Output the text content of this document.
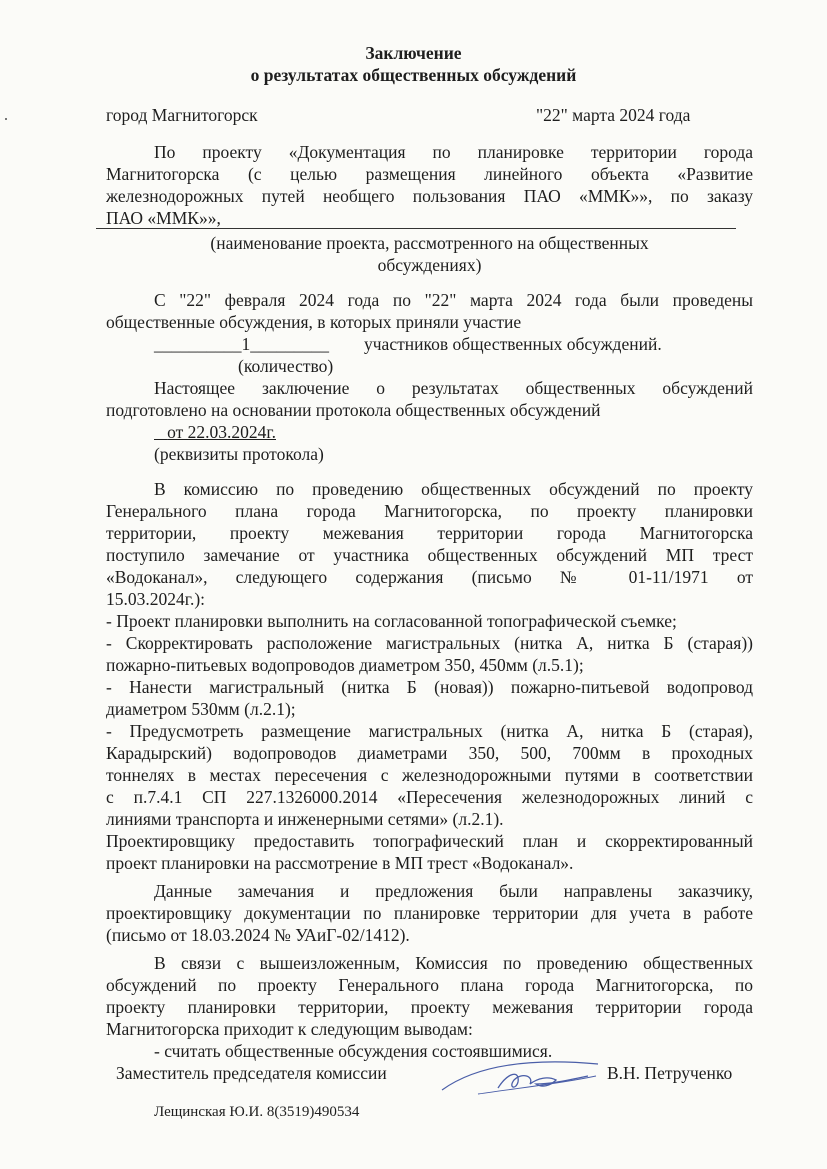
Заключение
о результатах общественных обсуждений
город Магнитогорск	"22" марта 2024 года
По проекту «Документация по планировке территории города
Магнитогорска (с целью размещения линейного объекта «Развитие
железнодорожных путей необщего пользования ПАО «ММК»», по заказу
ПАО «ММК»»,
(наименование проекта, рассмотренного на общественных
обсуждениях)
С "22" февраля 2024 года по "22" марта 2024 года были проведены
общественные обсуждения, в которых приняли участие
__________1_________ участников общественных обсуждений.
(количество)
Настоящее заключение о результатах общественных обсуждений
подготовлено на основании протокола общественных обсуждений
от 22.03.2024г.
(реквизиты протокола)
В комиссию по проведению общественных обсуждений по проекту
Генерального плана города Магнитогорска, по проекту планировки
территории, проекту межевания территории города Магнитогорска
поступило замечание от участника общественных обсуждений МП трест
«Водоканал», следующего содержания (письмо № 01-11/1971 от
15.03.2024г.):
- Проект планировки выполнить на согласованной топографической съемке;
- Скорректировать расположение магистральных (нитка А, нитка Б (старая))
пожарно-питьевых водопроводов диаметром 350, 450мм (л.5.1);
- Нанести магистральный (нитка Б (новая)) пожарно-питьевой водопровод
диаметром 530мм (л.2.1);
- Предусмотреть размещение магистральных (нитка А, нитка Б (старая),
Карадырский) водопроводов диаметрами 350, 500, 700мм в проходных
тоннелях в местах пересечения с железнодорожными путями в соответствии
с п.7.4.1 СП 227.1326000.2014 «Пересечения железнодорожных линий с
линиями транспорта и инженерными сетями» (л.2.1).
Проектировщику предоставить топографический план и скорректированный
проект планировки на рассмотрение в МП трест «Водоканал».
Данные замечания и предложения были направлены заказчику,
проектировщику документации по планировке территории для учета в работе
(письмо от 18.03.2024 № УАиГ-02/1412).
В связи с вышеизложенным, Комиссия по проведению общественных
обсуждений по проекту Генерального плана города Магнитогорска, по
проекту планировки территории, проекту межевания территории города
Магнитогорска приходит к следующим выводам:
- считать общественные обсуждения состоявшимися.
Заместитель председателя комиссии	В.Н. Петрученко
Лещинская Ю.И. 8(3519)490534
